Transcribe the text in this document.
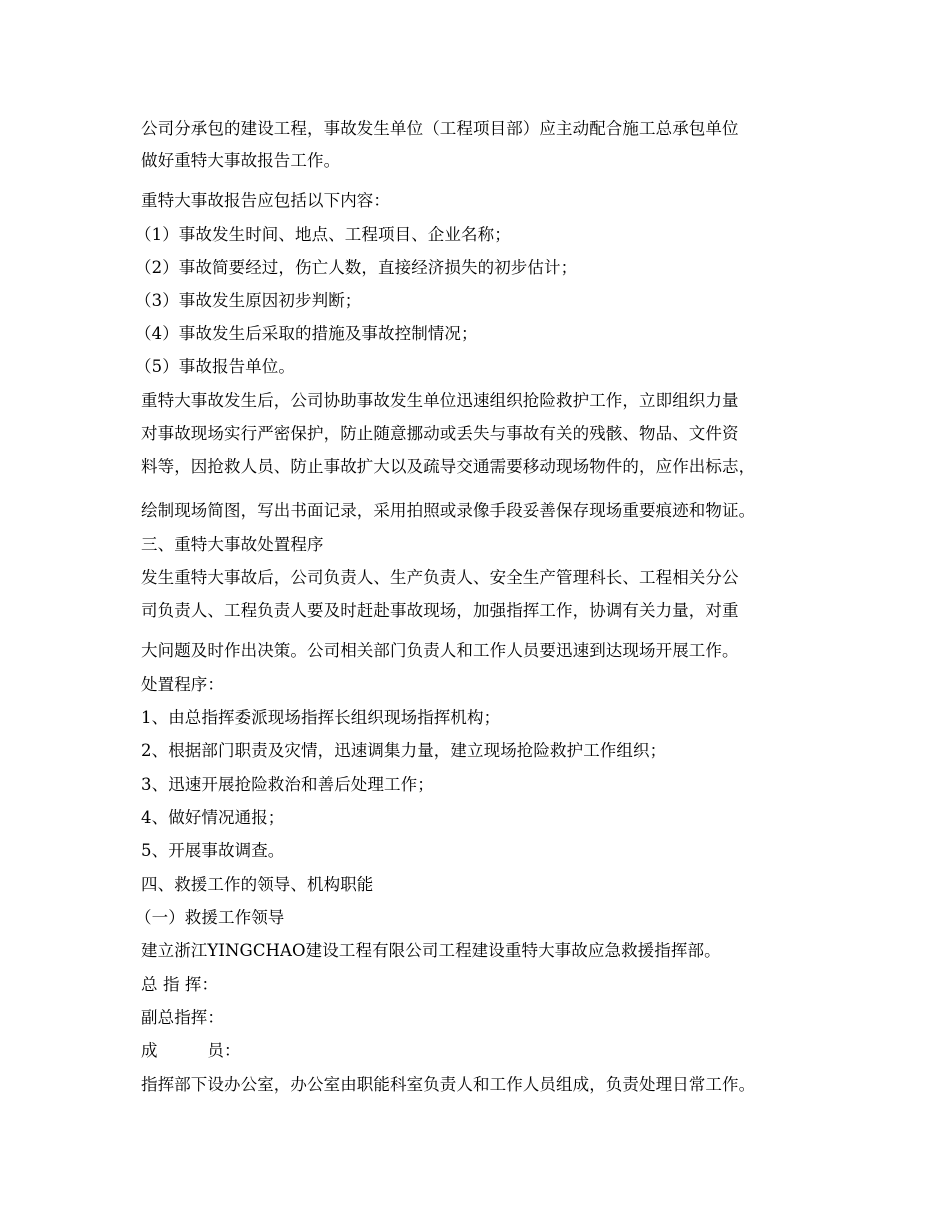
公司分承包的建设工程，事故发生单位（工程项目部）应主动配合施工总承包单位
做好重特大事故报告工作。
重特大事故报告应包括以下内容：
（1）事故发生时间、地点、工程项目、企业名称；
（2）事故简要经过，伤亡人数，直接经济损失的初步估计；
（3）事故发生原因初步判断；
（4）事故发生后采取的措施及事故控制情况；
（5）事故报告单位。
重特大事故发生后，公司协助事故发生单位迅速组织抢险救护工作，立即组织力量
对事故现场实行严密保护，防止随意挪动或丢失与事故有关的残骸、物品、文件资
料等，因抢救人员、防止事故扩大以及疏导交通需要移动现场物件的，应作出标志，
绘制现场简图，写出书面记录，采用拍照或录像手段妥善保存现场重要痕迹和物证。
三、重特大事故处置程序
发生重特大事故后，公司负责人、生产负责人、安全生产管理科长、工程相关分公
司负责人、工程负责人要及时赶赴事故现场，加强指挥工作，协调有关力量，对重
大问题及时作出决策。公司相关部门负责人和工作人员要迅速到达现场开展工作。
处置程序：
1、由总指挥委派现场指挥长组织现场指挥机构；
2、根据部门职责及灾情，迅速调集力量，建立现场抢险救护工作组织；
3、迅速开展抢险救治和善后处理工作；
4、做好情况通报；
5、开展事故调查。
四、救援工作的领导、机构职能
（一）救援工作领导
建立浙江YINGCHAO建设工程有限公司工程建设重特大事故应急救援指挥部。
总 指 挥：
副总指挥：
成　　　员：
指挥部下设办公室，办公室由职能科室负责人和工作人员组成，负责处理日常工作。
